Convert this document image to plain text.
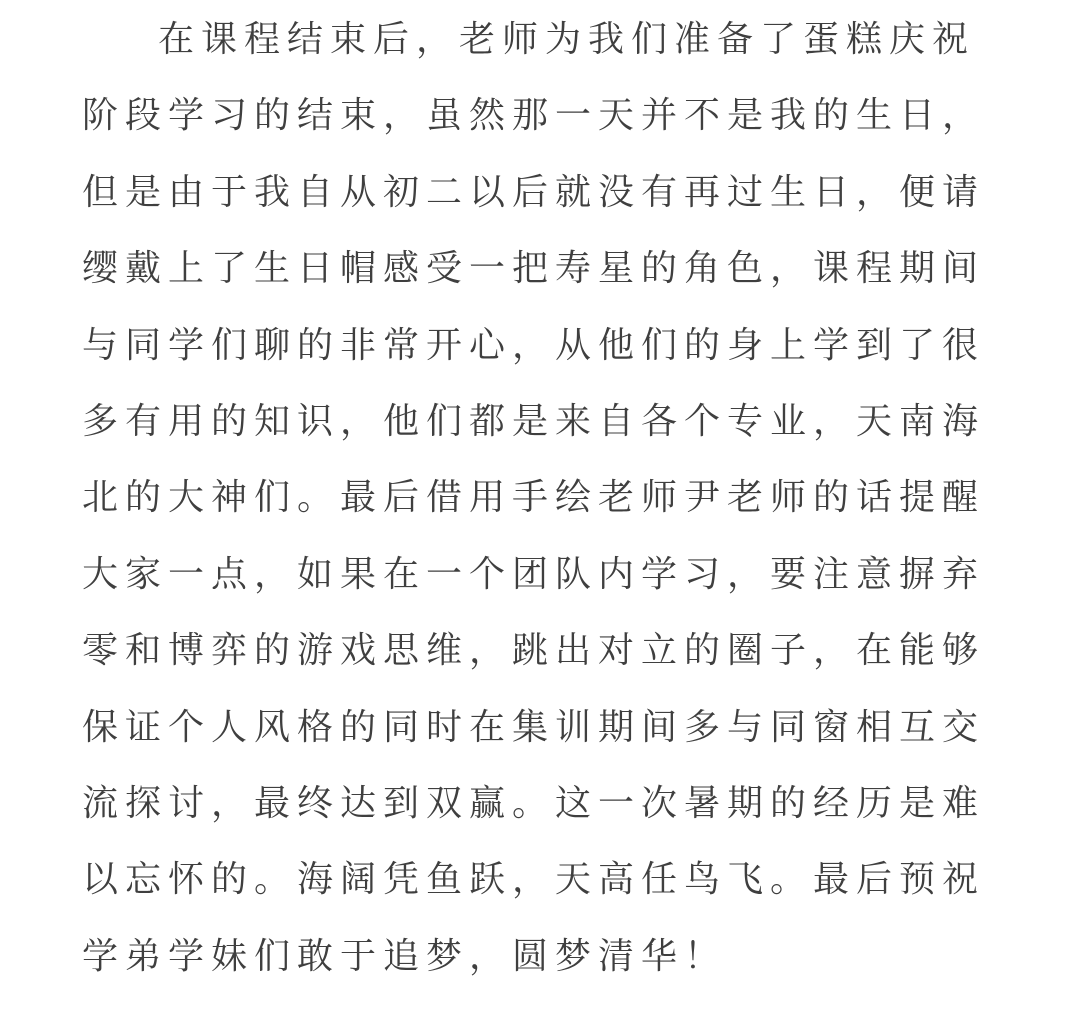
在课程结束后，老师为我们准备了蛋糕庆祝
阶段学习的结束，虽然那一天并不是我的生日，
但是由于我自从初二以后就没有再过生日，便请
缨戴上了生日帽感受一把寿星的角色，课程期间
与同学们聊的非常开心，从他们的身上学到了很
多有用的知识，他们都是来自各个专业，天南海
北的大神们。最后借用手绘老师尹老师的话提醒
大家一点，如果在一个团队内学习，要注意摒弃
零和博弈的游戏思维，跳出对立的圈子，在能够
保证个人风格的同时在集训期间多与同窗相互交
流探讨，最终达到双赢。这一次暑期的经历是难
以忘怀的。海阔凭鱼跃，天高任鸟飞。最后预祝
学弟学妹们敢于追梦，圆梦清华！
